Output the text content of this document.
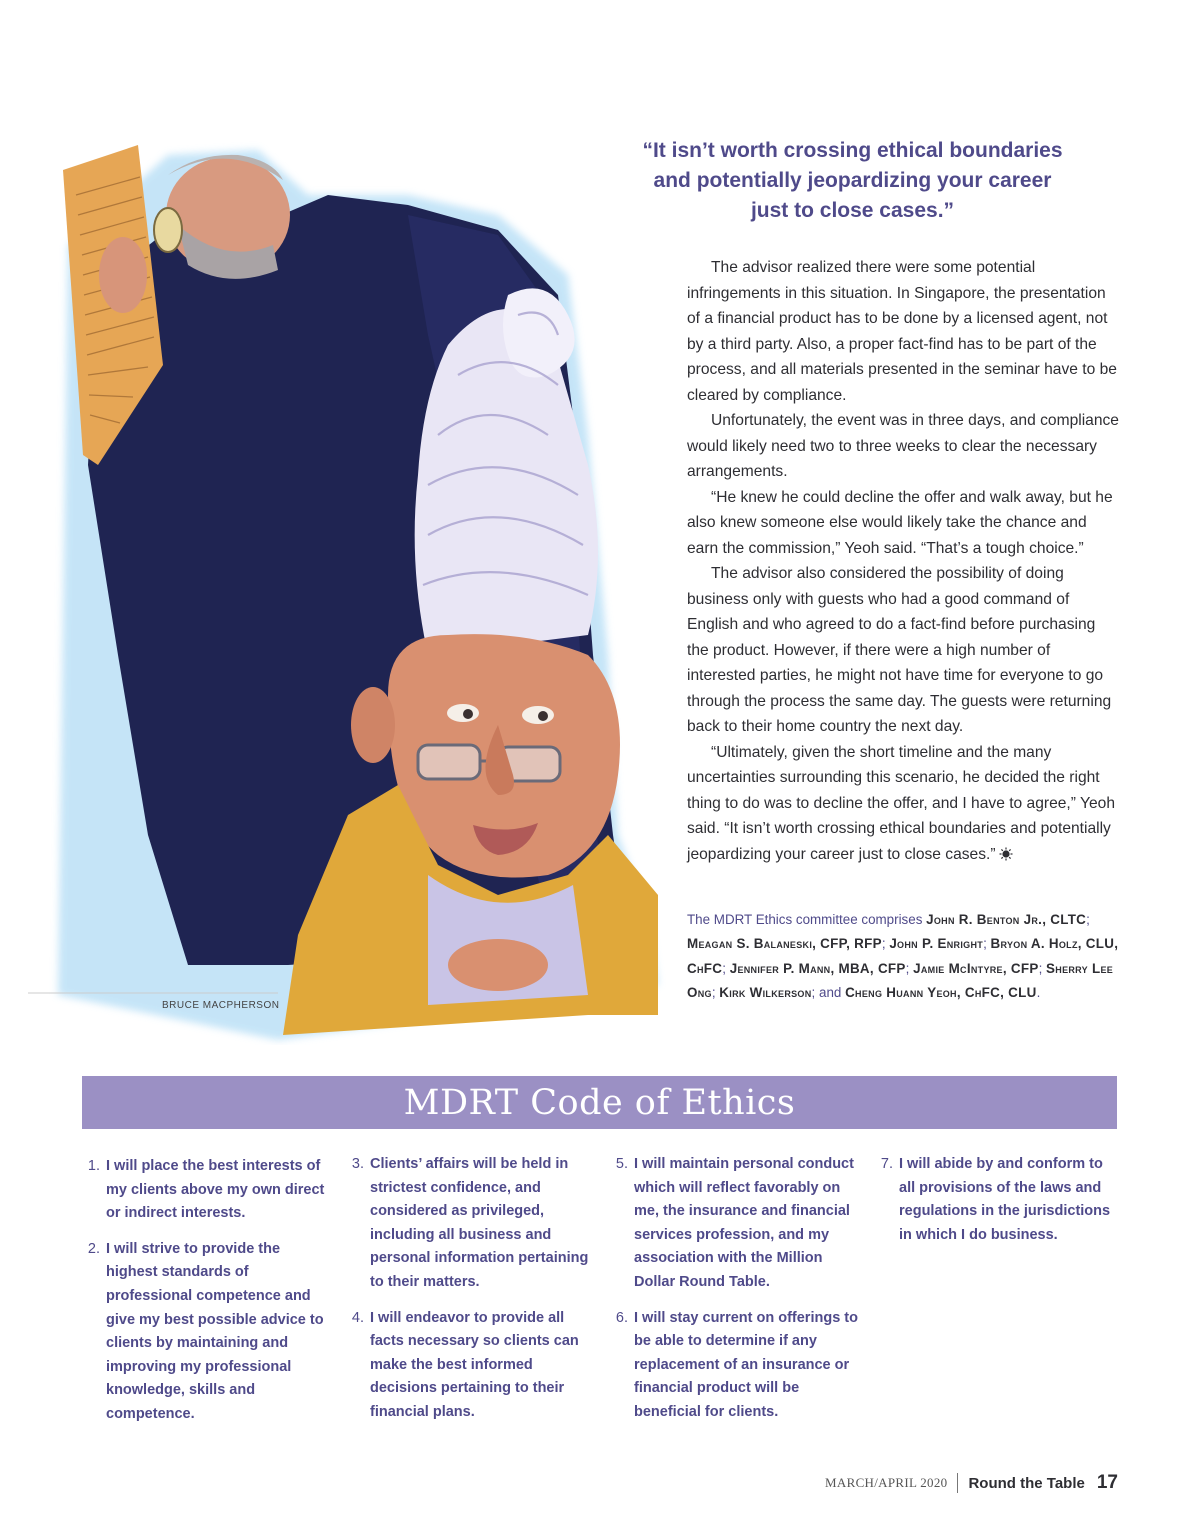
BRUCE MACPHERSON
“It isn’t worth crossing ethical boundaries
and potentially jeopardizing your career
just to close cases.”

The advisor realized there were some potential infringements in this situation. In Singapore, the presentation of a financial product has to be done by a licensed agent, not by a third party. Also, a proper fact-find has to be part of the process, and all materials presented in the seminar have to be cleared by compliance.

Unfortunately, the event was in three days, and compliance would likely need two to three weeks to clear the necessary arrangements.

“He knew he could decline the offer and walk away, but he also knew someone else would likely take the chance and earn the commission,” Yeoh said. “That’s a tough choice.”

The advisor also considered the possibility of doing business only with guests who had a good command of English and who agreed to do a fact-find before purchasing the product. However, if there were a high number of interested parties, he might not have time for everyone to go through the process the same day. The guests were returning back to their home country the next day.

“Ultimately, given the short timeline and the many uncertainties surrounding this scenario, he decided the right thing to do was to decline the offer, and I have to agree,” Yeoh said. “It isn’t worth crossing ethical boundaries and potentially jeopardizing your career just to close cases.”

The MDRT Ethics committee comprises John R. Benton Jr., CLTC; Meagan S. Balaneski, CFP, RFP; John P. Enright; Bryon A. Holz, CLU, ChFC; Jennifer P. Mann, MBA, CFP; Jamie McIntyre, CFP; Sherry Lee Ong; Kirk Wilkerson; and Cheng Huann Yeoh, ChFC, CLU.
MDRT Code of Ethics
1. I will place the best interests of my clients above my own direct or indirect interests.
2. I will strive to provide the highest standards of professional competence and give my best possible advice to clients by maintaining and improving my professional knowledge, skills and competence.
3. Clients’ affairs will be held in strictest confidence, and considered as privileged, including all business and personal information pertaining to their matters.
4. I will endeavor to provide all facts necessary so clients can make the best informed decisions pertaining to their financial plans.
5. I will maintain personal conduct which will reflect favorably on me, the insurance and financial services profession, and my association with the Million Dollar Round Table.
6. I will stay current on offerings to be able to determine if any replacement of an insurance or financial product will be beneficial for clients.
7. I will abide by and conform to all provisions of the laws and regulations in the jurisdictions in which I do business.
MARCH/APRIL 2020 Round the Table 17
